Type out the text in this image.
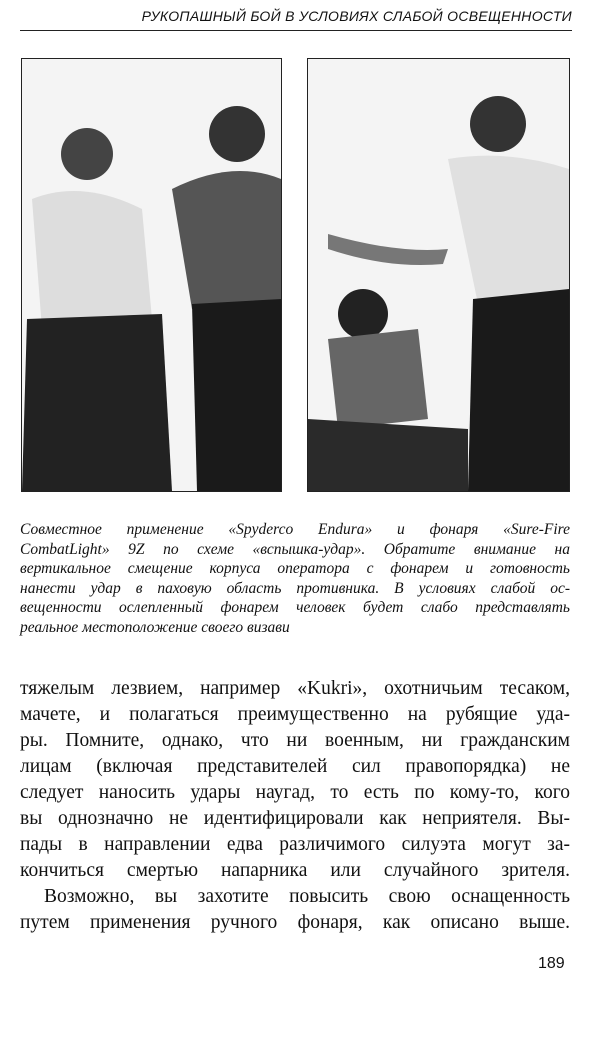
РУКОПАШНЫЙ БОЙ В УСЛОВИЯХ СЛАБОЙ ОСВЕЩЕННОСТИ
Совместное применение «Spyderco Endura» и фонаря «Sure-Fire
CombatLight» 9Z по схеме «вспышка-удар». Обратите внимание на
вертикальное смещение корпуса оператора с фонарем и готовность
нанести удар в паховую область противника. В условиях слабой ос-
вещенности ослепленный фонарем человек будет слабо представлять
реальное местоположение своего визави
тяжелым лезвием, например «Kukri», охотничьим тесаком,
мачете, и полагаться преимущественно на рубящие уда-
ры. Помните, однако, что ни военным, ни гражданским
лицам (включая представителей сил правопорядка) не
следует наносить удары наугад, то есть по кому-то, кого
вы однозначно не идентифицировали как неприятеля. Вы-
пады в направлении едва различимого силуэта могут за-
кончиться смертью напарника или случайного зрителя.
Возможно, вы захотите повысить свою оснащенность
путем применения ручного фонаря, как описано выше.
189
